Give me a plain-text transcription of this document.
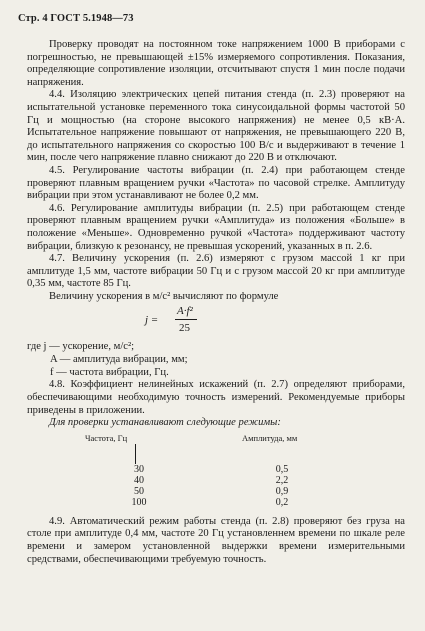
Стр. 4 ГОСТ 5.1948—73

Проверку проводят на постоянном токе напряжением 1000 В приборами с погрешностью, не превышающей ±15% измеряемого сопротивления. Показания, определяющие сопротивление изоляции, отсчитывают спустя 1 мин после подачи напряжения.

4.4. Изоляцию электрических цепей питания стенда (п. 2.3) проверяют на испытательной установке переменного тока синусоидальной формы частотой 50 Гц и мощностью (на стороне высокого напряжения) не менее 0,5 кВ·А. Испытательное напряжение повышают от напряжения, не превышающего 220 В, до испытательного напряжения со скоростью 100 В/с и выдерживают в течение 1 мин, после чего напряжение плавно снижают до 220 В и отключают.

4.5. Регулирование частоты вибрации (п. 2.4) при работающем стенде проверяют плавным вращением ручки «Частота» по часовой стрелке. Амплитуду вибрации при этом устанавливают не более 0,2 мм.

4.6. Регулирование амплитуды вибрации (п. 2.5) при работающем стенде проверяют плавным вращением ручки «Амплитуда» из положения «Больше» в положение «Меньше». Одновременно ручкой «Частота» поддерживают частоту вибрации, близкую к резонансу, не превышая ускорений, указанных в п. 2.6.

4.7. Величину ускорения (п. 2.6) измеряют с грузом массой 1 кг при амплитуде 1,5 мм, частоте вибрации 50 Гц и с грузом массой 20 кг при амплитуде 0,35 мм, частоте 85 Гц.

Величину ускорения в м/с² вычисляют по формуле

j =
A·f²
25
где j — ускорение, м/с²;
A — амплитуда вибрации, мм;
f — частота вибрации, Гц.

4.8. Коэффициент нелинейных искажений (п. 2.7) определяют приборами, обеспечивающими необходимую точность измерений. Рекомендуемые приборы приведены в приложении.

Для проверки устанавливают следующие режимы:

Частота, Гц	Амплитуда, мм
30	0,5
40	2,2
50	0,9
100	0,2

4.9. Автоматический режим работы стенда (п. 2.8) проверяют без груза на столе при амплитуде 0,4 мм, частоте 20 Гц установленнем времени по шкале реле времени и замером установленной выдержки времени измерительными средствами, обеспечивающими требуемую точность.
